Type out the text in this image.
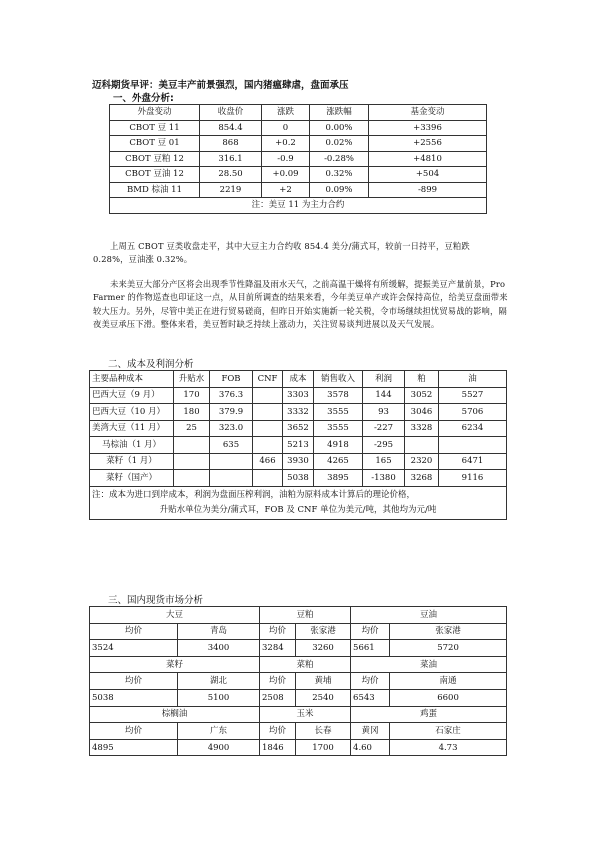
迈科期货早评：美豆丰产前景强烈，国内猪瘟肆虐，盘面承压
一、外盘分析:
外盘变动	收盘价	涨跌	涨跌幅	基金变动
CBOT 豆 11	854.4	0	0.00%	+3396
CBOT 豆 01	868	+0.2	0.02%	+2556
CBOT 豆粕 12	316.1	-0.9	-0.28%	+4810
CBOT 豆油 12	28.50	+0.09	0.32%	+504
BMD 棕油 11	2219	+2	0.09%	-899
注：美豆 11 为主力合约				
上周五 CBOT 豆类收盘走平，其中大豆主力合约收 854.4 美分/蒲式耳，较前一日持平，豆粕跌 0.28%，豆油涨 0.32%。
未来美豆大部分产区将会出现季节性降温及雨水天气，之前高温干燥将有所缓解，提振美豆产量前景，Pro Farmer 的作物巡查也印证这一点，从目前所调查的结果来看，今年美豆单产或许会保持高位，给美豆盘面带来较大压力。另外，尽管中美正在进行贸易磋商，但昨日开始实施新一轮关税，令市场继续担忧贸易战的影响，隔夜美豆承压下滑。整体来看，美豆暂时缺乏持续上涨动力，关注贸易谈判进展以及天气发展。
二、成本及利润分析
主要品种成本	升贴水	FOB	CNF	成本	销售收入	利润	粕	油
巴西大豆（9 月）	170	376.3		3303	3578	144	3052	5527
巴西大豆（10 月）	180	379.9		3332	3555	93	3046	5706
美湾大豆（11 月）	25	323.0		3652	3555	-227	3328	6234
马棕油（1 月）		635		5213	4918	-295		
菜籽（1 月）			466	3930	4265	165	2320	6471
菜籽（国产）				5038	3895	-1380	3268	9116

注：成本为进口到岸成本，利润为盘面压榨利润，油粕为原料成本计算后的理论价格，
升贴水单位为美分/蒲式耳，FOB 及 CNF 单位为美元/吨，其他均为元/吨								
三、国内现货市场分析
大豆		豆粕		豆油	
均价	青岛	均价	张家港	均价	张家港
3524	3400	3284	3260	5661	5720
菜籽		菜粕		菜油	
均价	湖北	均价	黄埔	均价	南通
5038	5100	2508	2540	6543	6600
棕榈油		玉米		鸡蛋	
均价	广东	均价	长春	黄冈	石家庄
4895	4900	1846	1700	4.60	4.73
